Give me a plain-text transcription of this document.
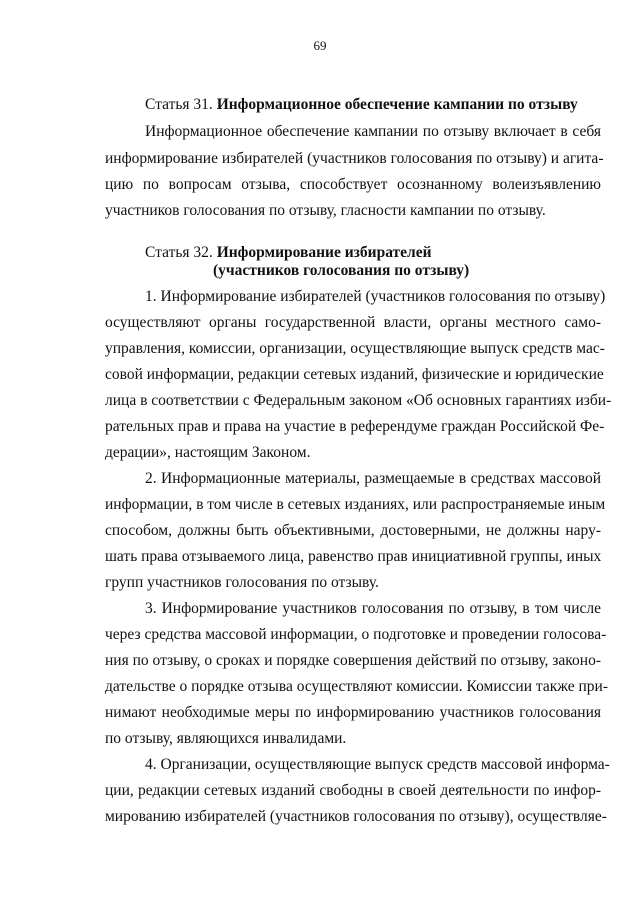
69
Статья 31. Информационное обеспечение кампании по отзыву
Информационное обеспечение кампании по отзыву включает в себя
информирование избирателей (участников голосования по отзыву) и агита-
цию по вопросам отзыва, способствует осознанному волеизъявлению
участников голосования по отзыву, гласности кампании по отзыву.
Статья 32. Информирование избирателей
(участников голосования по отзыву)
1. Информирование избирателей (участников голосования по отзыву)
осуществляют органы государственной власти, органы местного само-
управления, комиссии, организации, осуществляющие выпуск средств мас-
совой информации, редакции сетевых изданий, физические и юридические
лица в соответствии с Федеральным законом «Об основных гарантиях изби-
рательных прав и права на участие в референдуме граждан Российской Фе-
дерации», настоящим Законом.
2. Информационные материалы, размещаемые в средствах массовой
информации, в том числе в сетевых изданиях, или распространяемые иным
способом, должны быть объективными, достоверными, не должны нару-
шать права отзываемого лица, равенство прав инициативной группы, иных
групп участников голосования по отзыву.
3. Информирование участников голосования по отзыву, в том числе
через средства массовой информации, о подготовке и проведении голосова-
ния по отзыву, о сроках и порядке совершения действий по отзыву, законо-
дательстве о порядке отзыва осуществляют комиссии. Комиссии также при-
нимают необходимые меры по информированию участников голосования
по отзыву, являющихся инвалидами.
4. Организации, осуществляющие выпуск средств массовой информа-
ции, редакции сетевых изданий свободны в своей деятельности по инфор-
мированию избирателей (участников голосования по отзыву), осуществляе-
